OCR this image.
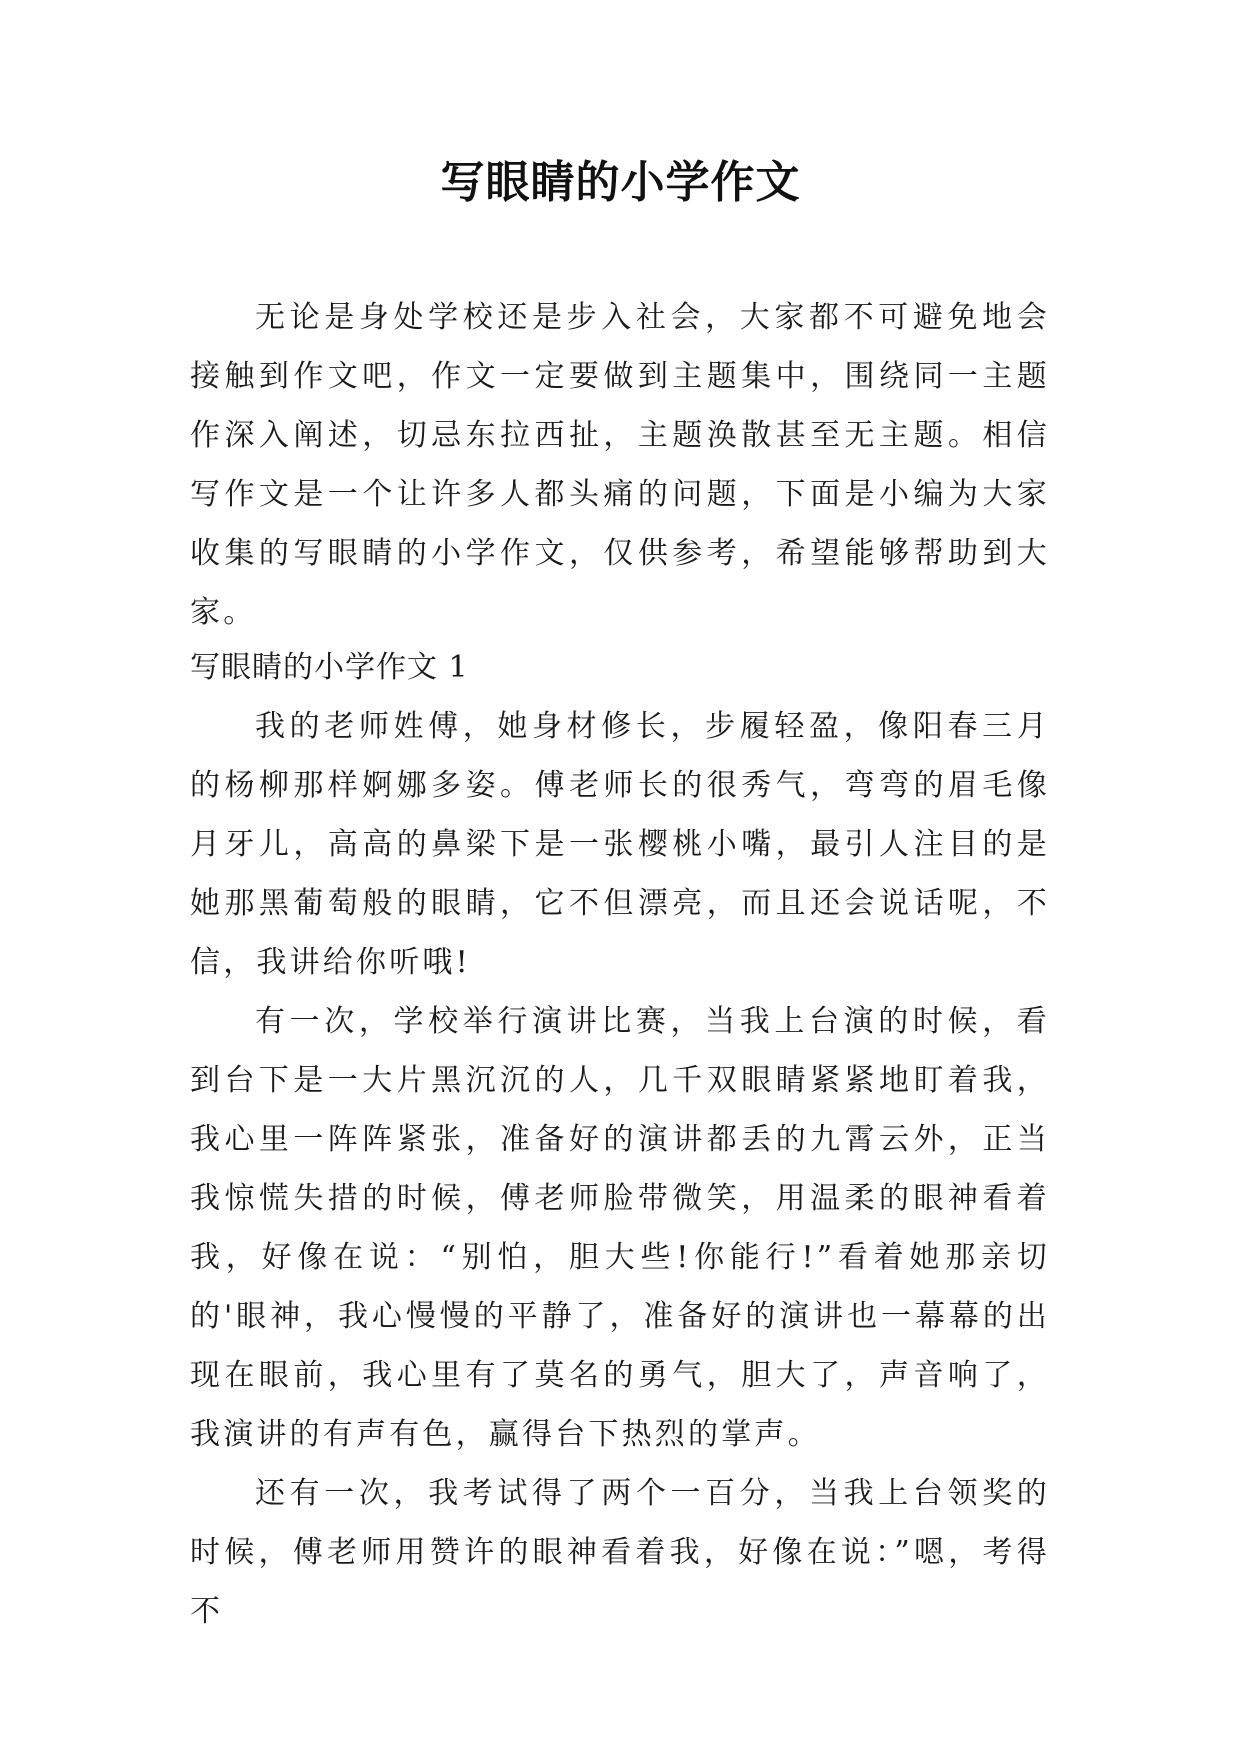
写眼睛的小学作文

无论是身处学校还是步入社会，大家都不可避免地会接触到作文吧，作文一定要做到主题集中，围绕同一主题作深入阐述，切忌东拉西扯，主题涣散甚至无主题。相信写作文是一个让许多人都头痛的问题，下面是小编为大家收集的写眼睛的小学作文，仅供参考，希望能够帮助到大家。

写眼睛的小学作文 1

我的老师姓傅，她身材修长，步履轻盈，像阳春三月的杨柳那样婀娜多姿。傅老师长的很秀气，弯弯的眉毛像月牙儿，高高的鼻梁下是一张樱桃小嘴，最引人注目的是她那黑葡萄般的眼睛，它不但漂亮，而且还会说话呢，不信，我讲给你听哦!

有一次，学校举行演讲比赛，当我上台演的时候，看到台下是一大片黑沉沉的人，几千双眼睛紧紧地盯着我，我心里一阵阵紧张，准备好的演讲都丢的九霄云外，正当我惊慌失措的时候，傅老师脸带微笑，用温柔的眼神看着我，好像在说：“别怕，胆大些!你能行!”看着她那亲切的'眼神，我心慢慢的平静了，准备好的演讲也一幕幕的出现在眼前，我心里有了莫名的勇气，胆大了，声音响了，我演讲的有声有色，赢得台下热烈的掌声。

还有一次，我考试得了两个一百分，当我上台领奖的时候，傅老师用赞许的眼神看着我，好像在说：”嗯，考得不
